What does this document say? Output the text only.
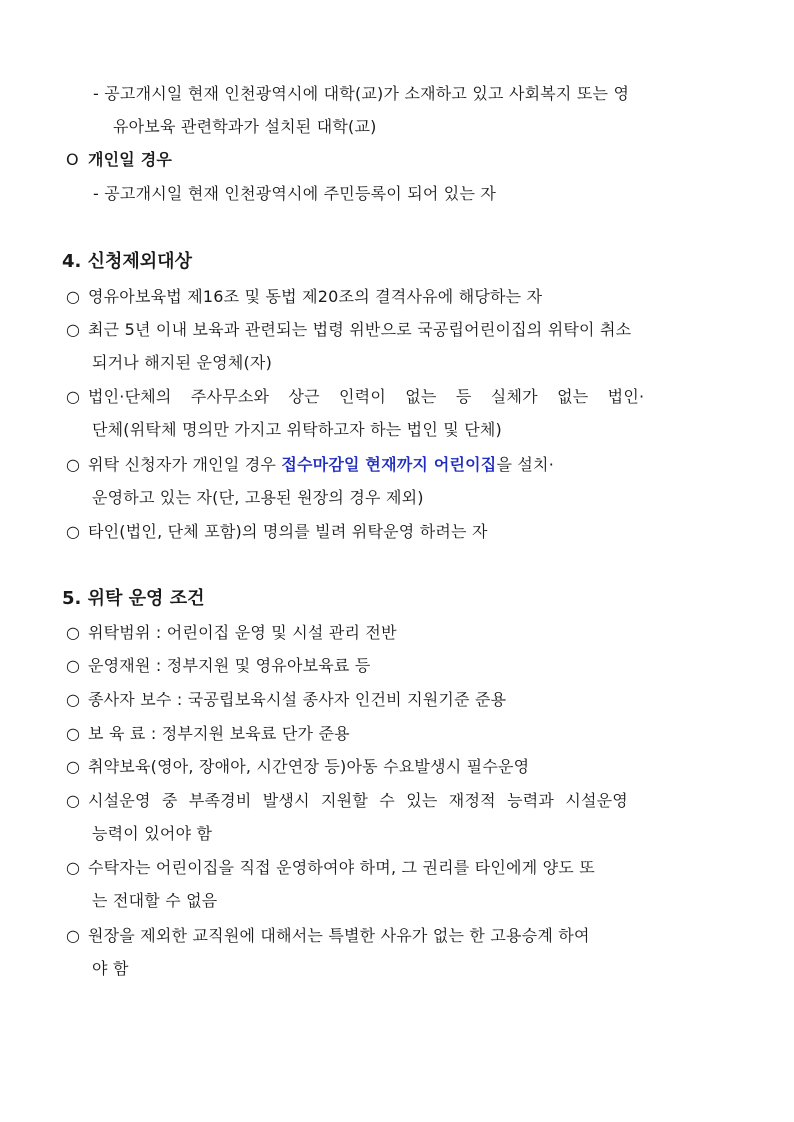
- 공고개시일 현재 인천광역시에 대학(교)가 소재하고 있고 사회복지 또는 영
유아보육 관련학과가 설치된 대학(교)
O 개인일 경우
- 공고개시일 현재 인천광역시에 주민등록이 되어 있는 자
4. 신청제외대상
○ 영유아보육법 제16조 및 동법 제20조의 결격사유에 해당하는 자
○ 최근 5년 이내 보육과 관련되는 법령 위반으로 국공립어린이집의 위탁이 취소
되거나 해지된 운영체(자)
○ 법인·단체의 주사무소와 상근 인력이 없는 등 실체가 없는 법인·
단체(위탁체 명의만 가지고 위탁하고자 하는 법인 및 단체)
○ 위탁 신청자가 개인일 경우 접수마감일 현재까지 어린이집을 설치·
운영하고 있는 자(단, 고용된 원장의 경우 제외)
○ 타인(법인, 단체 포함)의 명의를 빌려 위탁운영 하려는 자
5. 위탁 운영 조건
○ 위탁범위 : 어린이집 운영 및 시설 관리 전반
○ 운영재원 : 정부지원 및 영유아보육료 등
○ 종사자 보수 : 국공립보육시설 종사자 인건비 지원기준 준용
○ 보 육 료 : 정부지원 보육료 단가 준용
○ 취약보육(영아, 장애아, 시간연장 등)아동 수요발생시 필수운영
○ 시설운영 중 부족경비 발생시 지원할 수 있는 재정적 능력과 시설운영
능력이 있어야 함
○ 수탁자는 어린이집을 직접 운영하여야 하며, 그 권리를 타인에게 양도 또
는 전대할 수 없음
○ 원장을 제외한 교직원에 대해서는 특별한 사유가 없는 한 고용승계 하여
야 함
